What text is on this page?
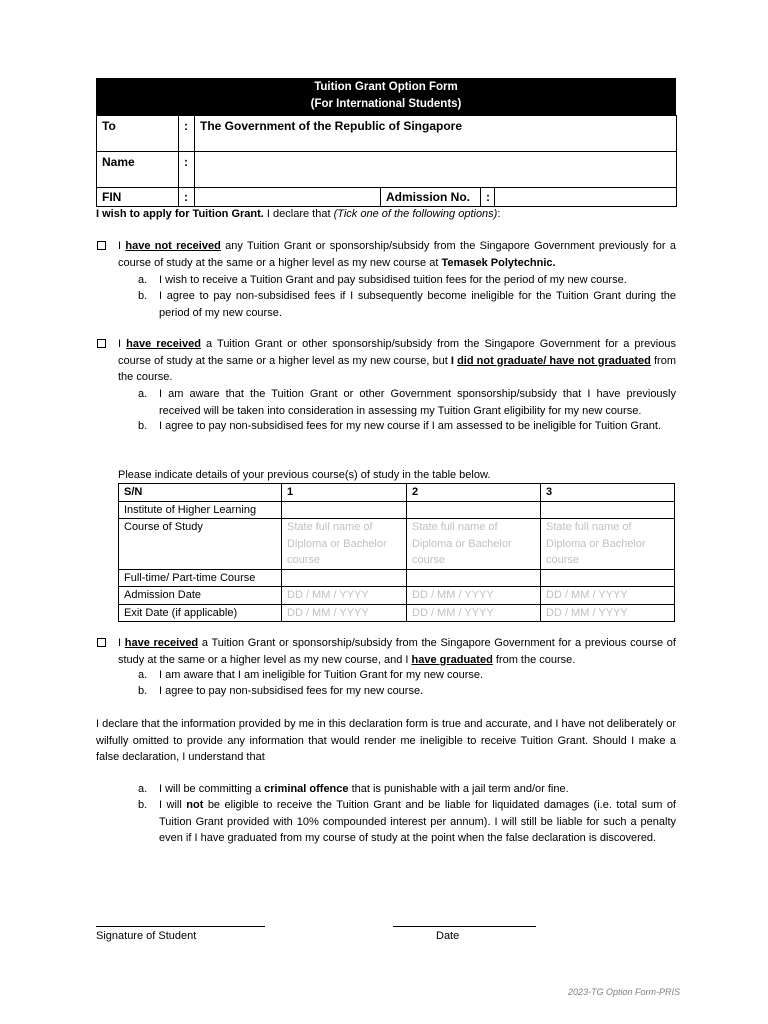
Tuition Grant Option Form
(For International Students)
To	:	The Government of the Republic of Singapore			
Name	:				
FIN	:		Admission No.	:	
I wish to apply for Tuition Grant. I declare that (Tick one of the following options):
I have not received any Tuition Grant or sponsorship/subsidy from the Singapore Government previously for a course of study at the same or a higher level as my new course at Temasek Polytechnic.
a. I wish to receive a Tuition Grant and pay subsidised tuition fees for the period of my new course.
b. I agree to pay non-subsidised fees if I subsequently become ineligible for the Tuition Grant during the period of my new course.
I have received a Tuition Grant or other sponsorship/subsidy from the Singapore Government for a previous course of study at the same or a higher level as my new course, but I did not graduate/ have not graduated from the course.
a. I am aware that the Tuition Grant or other Government sponsorship/subsidy that I have previously received will be taken into consideration in assessing my Tuition Grant eligibility for my new course.
b. I agree to pay non-subsidised fees for my new course if I am assessed to be ineligible for Tuition Grant.
Please indicate details of your previous course(s) of study in the table below.
S/N	1	2	3
Institute of Higher Learning			
Course of Study	State full name of Diploma or Bachelor course	State full name of Diploma or Bachelor course	State full name of Diploma or Bachelor course
Full-time/ Part-time Course			
Admission Date	DD / MM / YYYY	DD / MM / YYYY	DD / MM / YYYY
Exit Date (if applicable)	DD / MM / YYYY	DD / MM / YYYY	DD / MM / YYYY
I have received a Tuition Grant or sponsorship/subsidy from the Singapore Government for a previous course of study at the same or a higher level as my new course, and I have graduated from the course.
a. I am aware that I am ineligible for Tuition Grant for my new course.
b. I agree to pay non-subsidised fees for my new course.
I declare that the information provided by me in this declaration form is true and accurate, and I have not deliberately or wilfully omitted to provide any information that would render me ineligible to receive Tuition Grant. Should I make a false declaration, I understand that
a. I will be committing a criminal offence that is punishable with a jail term and/or fine.
b. I will not be eligible to receive the Tuition Grant and be liable for liquidated damages (i.e. total sum of Tuition Grant provided with 10% compounded interest per annum). I will still be liable for such a penalty even if I have graduated from my course of study at the point when the false declaration is discovered.
Signature of Student	Date
2023-TG Option Form-PRIS
